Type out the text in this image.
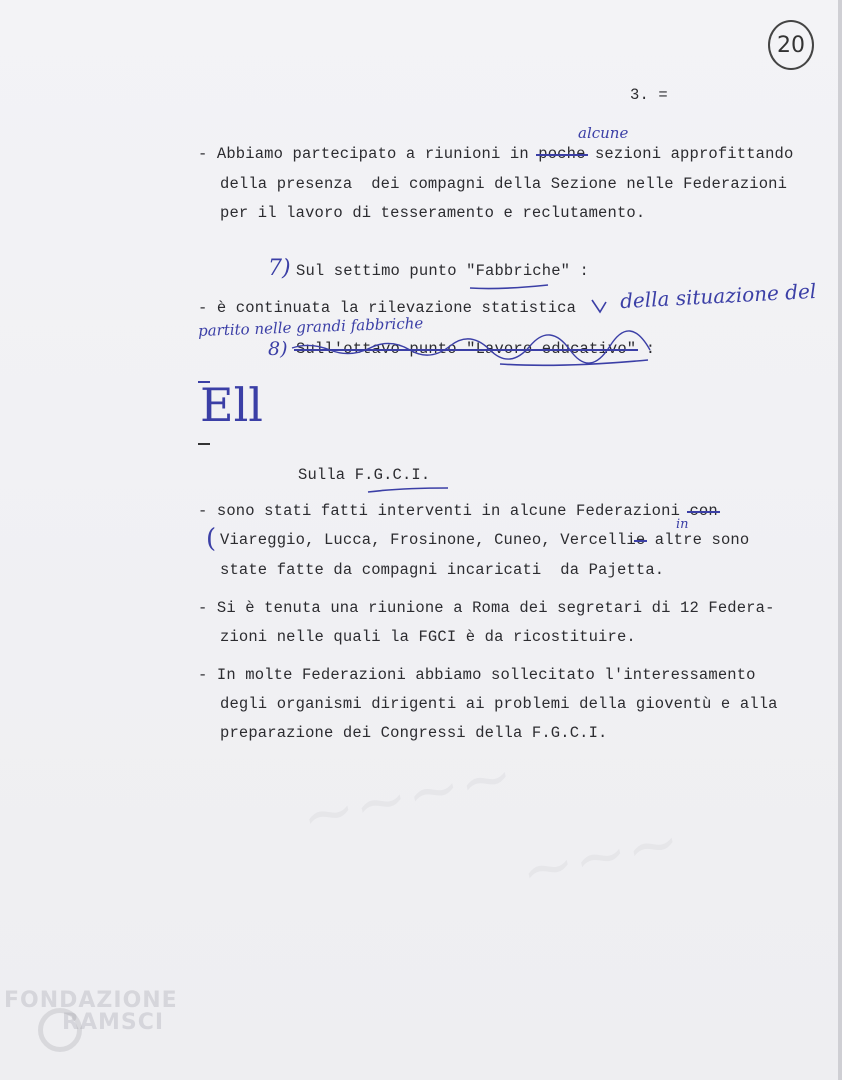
~~~~
~~~
20
3. =
alcune
- Abbiamo partecipato a riunioni in poche sezioni approfittando
della presenza  dei compagni della Sezione nelle Federazioni
per il lavoro di tesseramento e reclutamento.
7) Sul settimo punto "Fabbriche" :
- è continuata la rilevazione statistica della situazione del
partito nelle grandi fabbriche
8) Sull'ottavo punto "Lavoro educativo" :
Ell
Sulla F.G.C.I.
- sono stati fatti interventi in alcune Federazioni con
( Viareggio, Lucca, Frosinone, Cuneo, Vercellie altre sono
in
state fatte da compagni incaricati  da Pajetta.
- Si è tenuta una riunione a Roma dei segretari di 12 Federa-
zioni nelle quali la FGCI è da ricostituire.
- In molte Federazioni abbiamo sollecitato l'interessamento
degli organismi dirigenti ai problemi della gioventù e alla
preparazione dei Congressi della F.G.C.I.
FONDAZIONE
RAMSCI
